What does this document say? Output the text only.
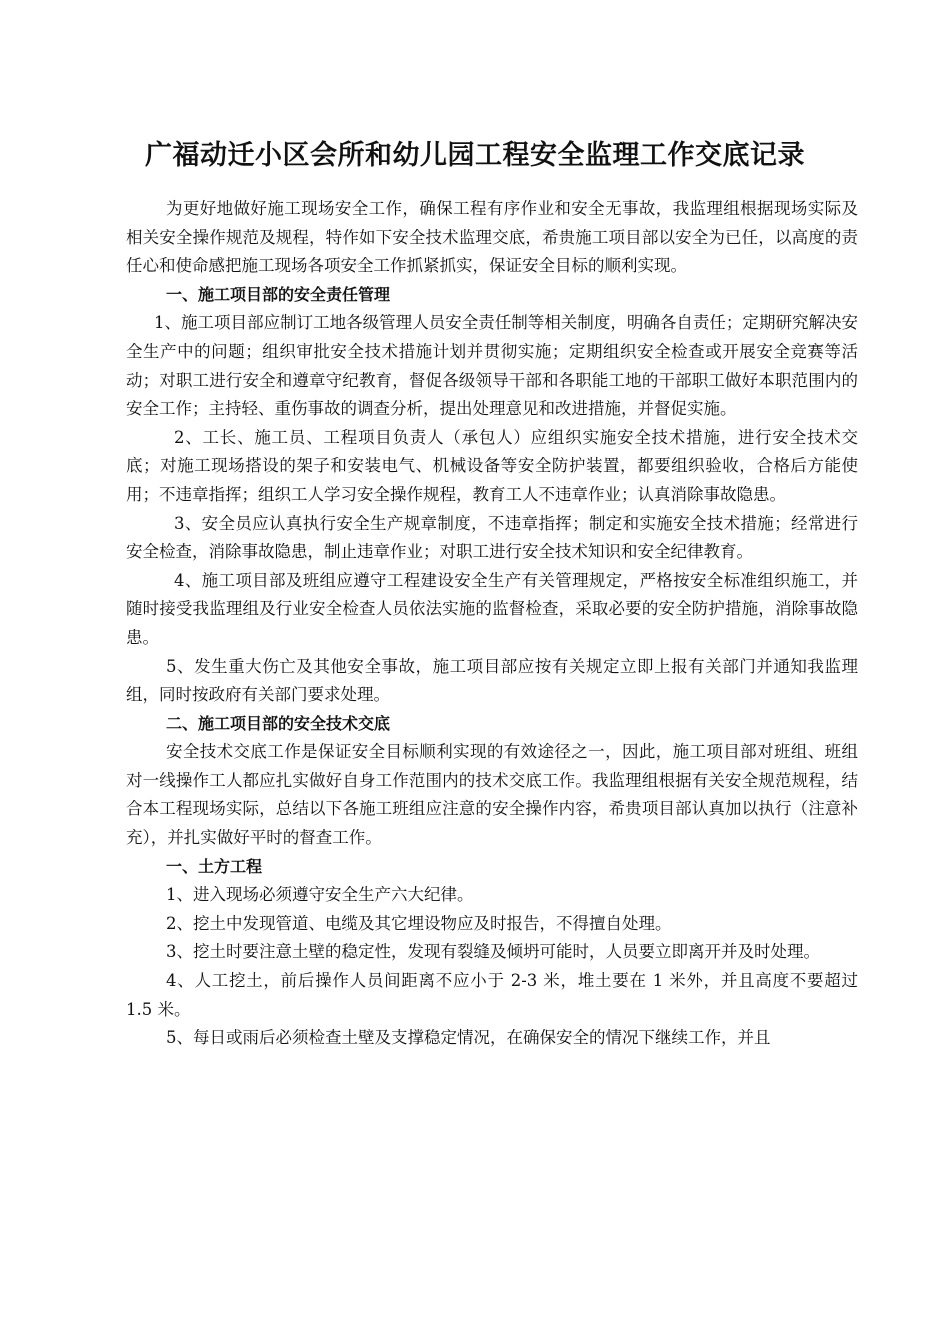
广福动迁小区会所和幼儿园工程安全监理工作交底记录

为更好地做好施工现场安全工作，确保工程有序作业和安全无事故，我监理组根据现场实际及相关安全操作规范及规程，特作如下安全技术监理交底，希贵施工项目部以安全为已任，以高度的责任心和使命感把施工现场各项安全工作抓紧抓实，保证安全目标的顺利实现。

一、施工项目部的安全责任管理

1、施工项目部应制订工地各级管理人员安全责任制等相关制度，明确各自责任；定期研究解决安全生产中的问题；组织审批安全技术措施计划并贯彻实施；定期组织安全检查或开展安全竞赛等活动；对职工进行安全和遵章守纪教育，督促各级领导干部和各职能工地的干部职工做好本职范围内的安全工作；主持轻、重伤事故的调查分析，提出处理意见和改进措施，并督促实施。

2、工长、施工员、工程项目负责人（承包人）应组织实施安全技术措施，进行安全技术交底；对施工现场搭设的架子和安装电气、机械设备等安全防护装置，都要组织验收，合格后方能使用；不违章指挥；组织工人学习安全操作规程，教育工人不违章作业；认真消除事故隐患。

3、安全员应认真执行安全生产规章制度，不违章指挥；制定和实施安全技术措施；经常进行安全检查，消除事故隐患，制止违章作业；对职工进行安全技术知识和安全纪律教育。

4、施工项目部及班组应遵守工程建设安全生产有关管理规定，严格按安全标准组织施工，并随时接受我监理组及行业安全检查人员依法实施的监督检查，采取必要的安全防护措施，消除事故隐患。

5、发生重大伤亡及其他安全事故，施工项目部应按有关规定立即上报有关部门并通知我监理组，同时按政府有关部门要求处理。

二、施工项目部的安全技术交底

安全技术交底工作是保证安全目标顺利实现的有效途径之一，因此，施工项目部对班组、班组对一线操作工人都应扎实做好自身工作范围内的技术交底工作。我监理组根据有关安全规范规程，结合本工程现场实际，总结以下各施工班组应注意的安全操作内容，希贵项目部认真加以执行（注意补充），并扎实做好平时的督查工作。

一、土方工程

1、进入现场必须遵守安全生产六大纪律。

2、挖土中发现管道、电缆及其它埋设物应及时报告，不得擅自处理。

3、挖土时要注意土壁的稳定性，发现有裂缝及倾坍可能时，人员要立即离开并及时处理。

4、人工挖土，前后操作人员间距离不应小于 2-3 米，堆土要在 1 米外，并且高度不要超过 1.5 米。

5、每日或雨后必须检查土壁及支撑稳定情况，在确保安全的情况下继续工作，并且
